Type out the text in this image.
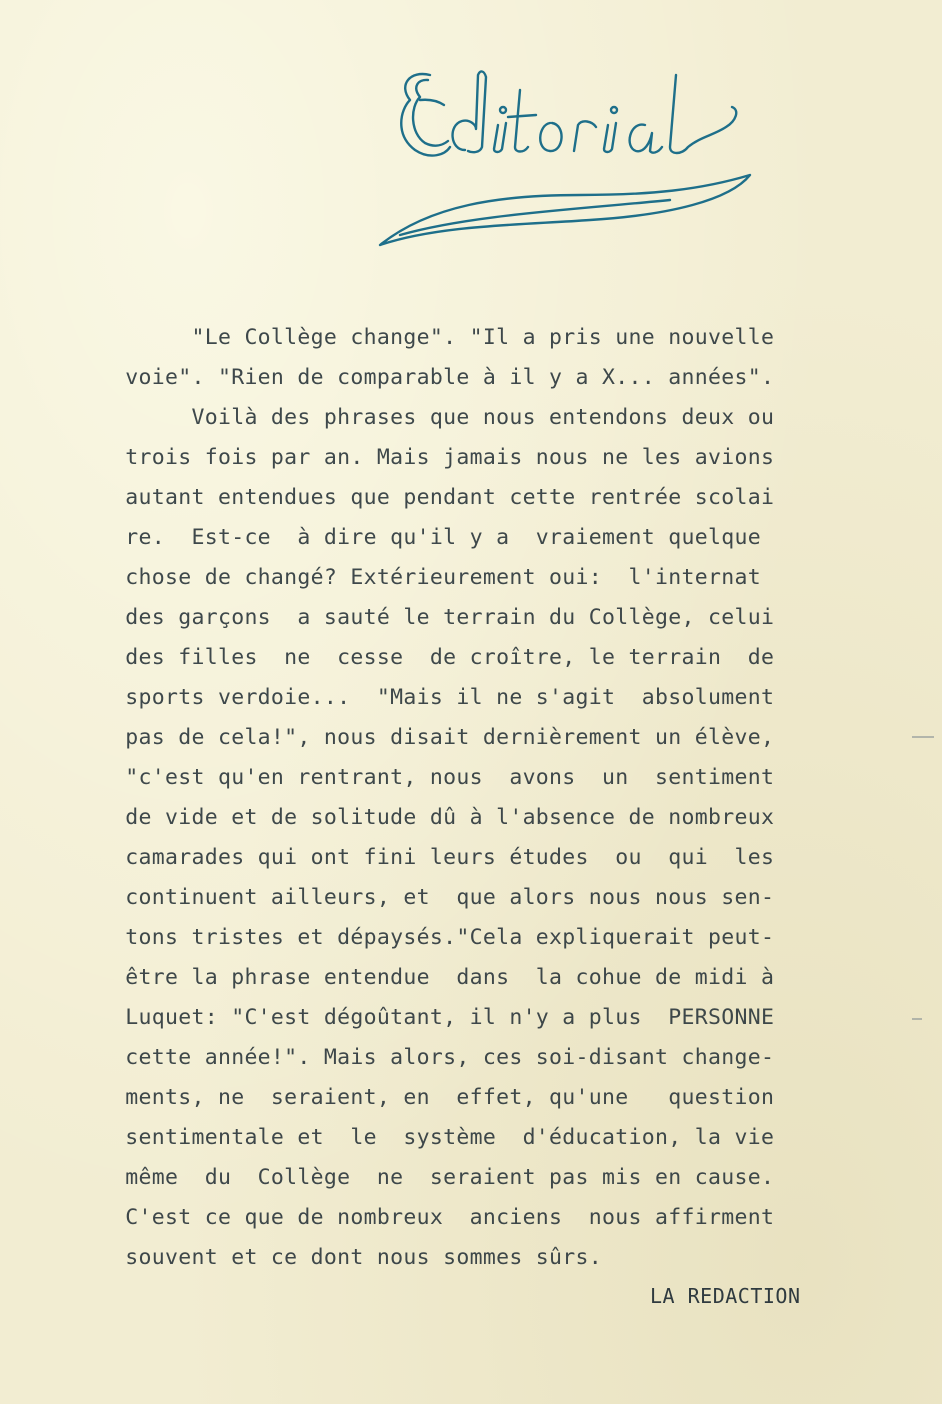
"Le Collège change". "Il a pris une nouvelle
voie". "Rien de comparable à il y a X... années".
Voilà des phrases que nous entendons deux ou
trois fois par an. Mais jamais nous ne les avions
autant entendues que pendant cette rentrée scolai
re.  Est-ce  à dire qu'il y a  vraiement quelque
chose de changé? Extérieurement oui:  l'internat
des garçons  a sauté le terrain du Collège, celui
des filles  ne  cesse  de croître, le terrain  de
sports verdoie...  "Mais il ne s'agit  absolument
pas de cela!", nous disait dernièrement un élève,
"c'est qu'en rentrant, nous  avons  un  sentiment
de vide et de solitude dû à l'absence de nombreux
camarades qui ont fini leurs études  ou  qui  les
continuent ailleurs, et  que alors nous nous sen-
tons tristes et dépaysés."Cela expliquerait peut-
être la phrase entendue  dans  la cohue de midi à
Luquet: "C'est dégoûtant, il n'y a plus  PERSONNE
cette année!". Mais alors, ces soi-disant change-
ments, ne  seraient, en  effet, qu'une   question
sentimentale et  le  système  d'éducation, la vie
même  du  Collège  ne  seraient pas mis en cause.
C'est ce que de nombreux  anciens  nous affirment
souvent et ce dont nous sommes sûrs.
LA REDACTION
